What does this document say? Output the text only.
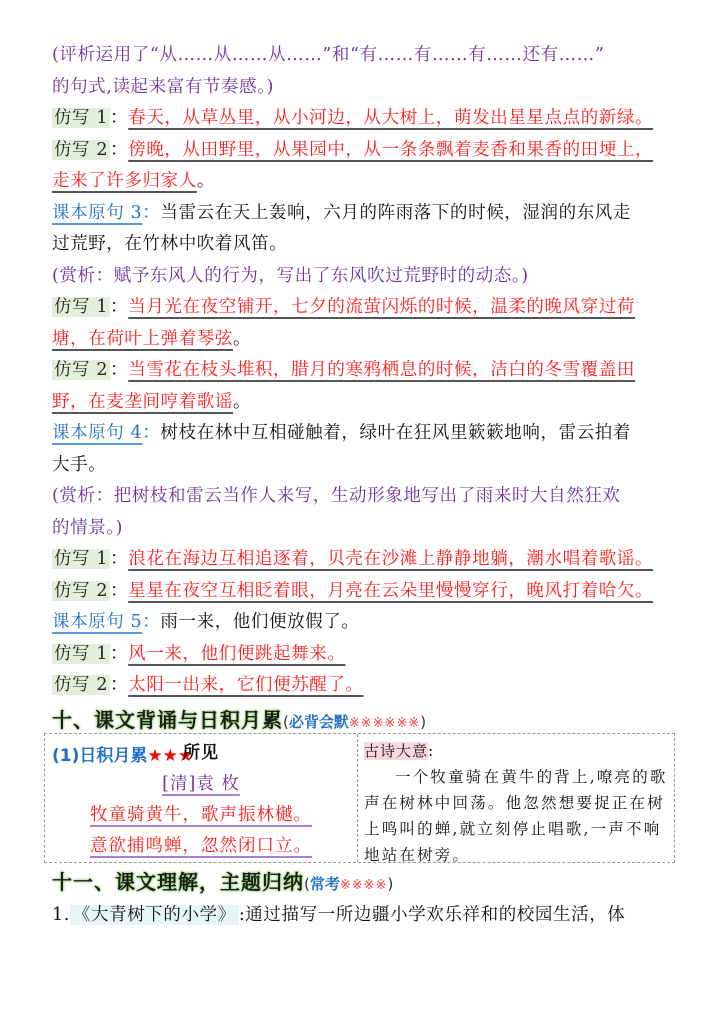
(评析运用了“从……从……从……”和“有……有……有……还有……”
的句式,读起来富有节奏感。)
仿写 1 ：春天，从草丛里，从小河边，从大树上，萌发出星星点点的新绿。
仿写 2 ：傍晚，从田野里，从果园中，从一条条飘着麦香和果香的田埂上，
走来了许多归家人。
课本原句 3：当雷云在天上轰响，六月的阵雨落下的时候，湿润的东风走
过荒野，在竹林中吹着风笛。
(赏析：赋予东风人的行为，写出了东风吹过荒野时的动态。)
仿写 1 ：当月光在夜空铺开，七夕的流萤闪烁的时候，温柔的晚风穿过荷
塘，在荷叶上弹着琴弦。
仿写 2 ：当雪花在枝头堆积，腊月的寒鸦栖息的时候，洁白的冬雪覆盖田
野，在麦垄间哼着歌谣。
课本原句 4：树枝在林中互相碰触着，绿叶在狂风里簌簌地响，雷云拍着
大手。
(赏析：把树枝和雷云当作人来写，生动形象地写出了雨来时大自然狂欢
的情景。)
仿写 1 ：浪花在海边互相追逐着，贝壳在沙滩上静静地躺，潮水唱着歌谣。
仿写 2 ：星星在夜空互相眨着眼，月亮在云朵里慢慢穿行，晚风打着哈欠。
课本原句 5：雨一来，他们便放假了。
仿写 1 ：风一来，他们便跳起舞来。
仿写 2 ：太阳一出来，它们便苏醒了。
十、课文背诵与日积月累(必背会默※※※※※※)
(1)日积月累★★★
所见
[清]袁 枚
牧童骑黄牛，歌声振林樾。
意欲捕鸣蝉，忽然闭口立。
古诗大意:
一个牧童骑在黄牛的背上,嘹亮的歌声在树林中回荡。他忽然想要捉正在树上鸣叫的蝉,就立刻停止唱歌,一声不响地站在树旁。
十一、课文理解，主题归纳(常考※※※※)
1. 《大青树下的小学》 :通过描写一所边疆小学欢乐祥和的校园生活，体
